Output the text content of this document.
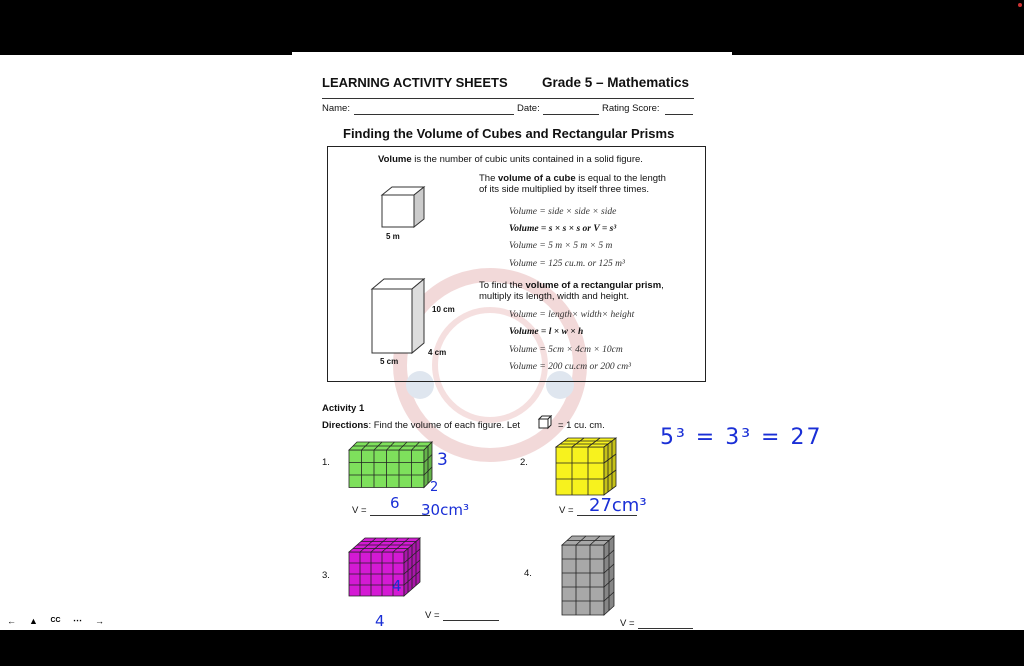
LEARNING ACTIVITY SHEETS	Grade 5 – Mathematics
Name:	Date:	Rating Score:
Finding the Volume of Cubes and Rectangular Prisms
Volume is the number of cubic units contained in a solid figure.
5 m
The volume of a cube is equal to the length of its side multiplied by itself three times.
Volume = side × side × side
Volume = s × s × s or V = s³
Volume = 5 m × 5 m × 5 m
Volume = 125 cu.m. or 125 m³
10 cm
4 cm
5 cm
To find the volume of a rectangular prism, multiply its length, width and height.
Volume = length× width× height
Volume = l × w × h
Volume = 5cm × 4cm × 10cm
Volume = 200 cu.cm or 200 cm³
Activity 1
Directions: Find the volume of each figure. Let	= 1 cu. cm.
1.
V =
2.
V =
3.
V =
4.
V =
3
2
6 30cm³	27cm³
5³ = 3³ = 27
4
4
←	▲	CC	⋯	→
